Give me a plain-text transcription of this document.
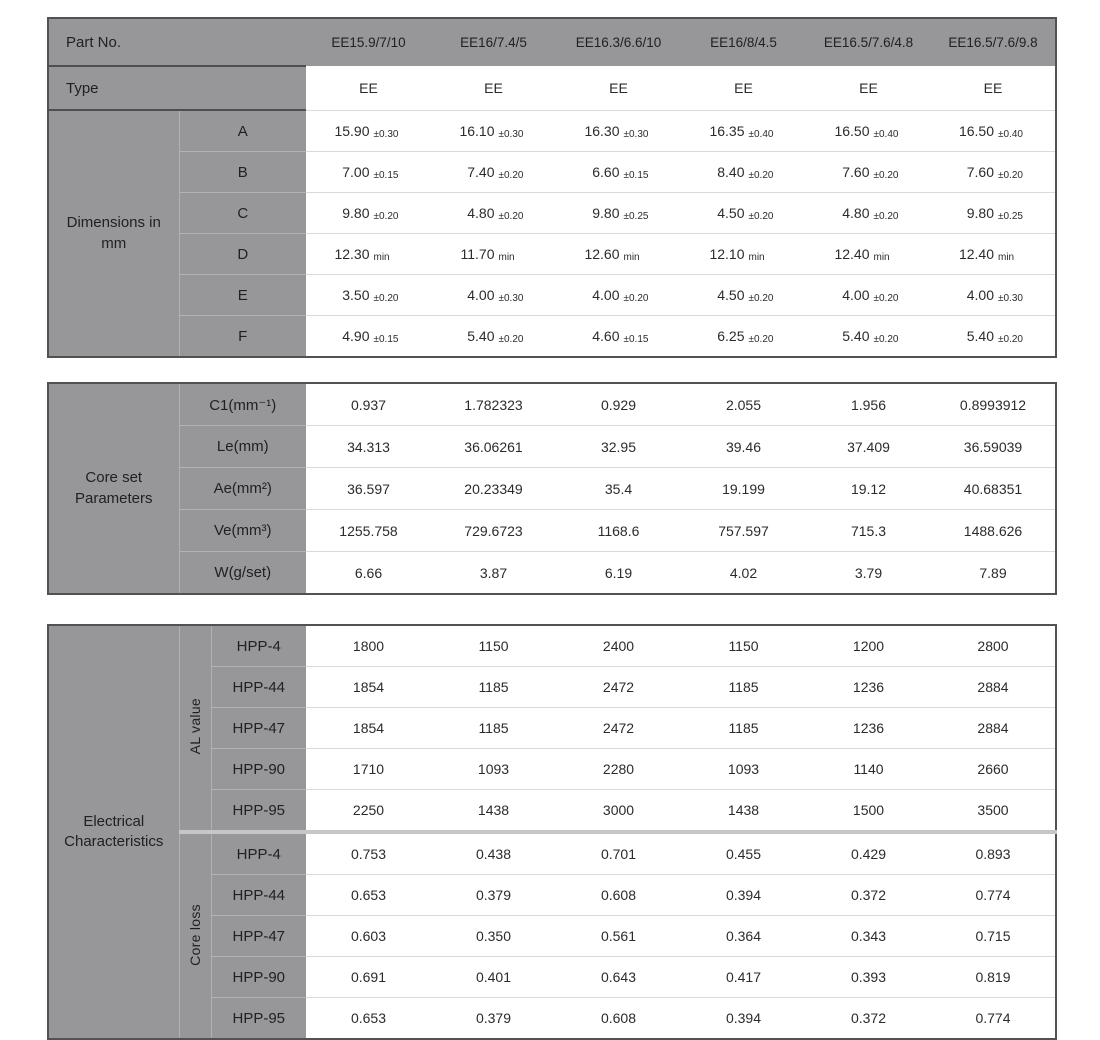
Part No.		EE15.9/7/10	EE16/7.4/5	EE16.3/6.6/10	EE16/8/4.5	EE16.5/7.6/4.8	EE16.5/7.6/9.8
Type		EE	EE	EE	EE	EE	EE
Dimensions in mm	A	15.90 ±0.30	16.10 ±0.30	16.30 ±0.30	16.35 ±0.40	16.50 ±0.40	16.50 ±0.40
	B	7.00 ±0.15	7.40 ±0.20	6.60 ±0.15	8.40 ±0.20	7.60 ±0.20	7.60 ±0.20
	C	9.80 ±0.20	4.80 ±0.20	9.80 ±0.25	4.50 ±0.20	4.80 ±0.20	9.80 ±0.25
	D	12.30 min	11.70 min	12.60 min	12.10 min	12.40 min	12.40 min
	E	3.50 ±0.20	4.00 ±0.30	4.00 ±0.20	4.50 ±0.20	4.00 ±0.20	4.00 ±0.30
	F	4.90 ±0.15	5.40 ±0.20	4.60 ±0.15	6.25 ±0.20	5.40 ±0.20	5.40 ±0.20
Core set Parameters	C1(mm⁻¹)	0.937	1.782323	0.929	2.055	1.956	0.8993912
	Le(mm)	34.313	36.06261	32.95	39.46	37.409	36.59039
	Ae(mm²)	36.597	20.23349	35.4	19.199	19.12	40.68351
	Ve(mm³)	1255.758	729.6723	1168.6	757.597	715.3	1488.626
	W(g/set)	6.66	3.87	6.19	4.02	3.79	7.89
Electrical Characteristics	AL value	HPP-4	1800	1150	2400	1150	1200	2800
		HPP-44	1854	1185	2472	1185	1236	2884
		HPP-47	1854	1185	2472	1185	1236	2884
		HPP-90	1710	1093	2280	1093	1140	2660
		HPP-95	2250	1438	3000	1438	1500	3500
	Core loss	HPP-4	0.753	0.438	0.701	0.455	0.429	0.893
		HPP-44	0.653	0.379	0.608	0.394	0.372	0.774
		HPP-47	0.603	0.350	0.561	0.364	0.343	0.715
		HPP-90	0.691	0.401	0.643	0.417	0.393	0.819
		HPP-95	0.653	0.379	0.608	0.394	0.372	0.774
